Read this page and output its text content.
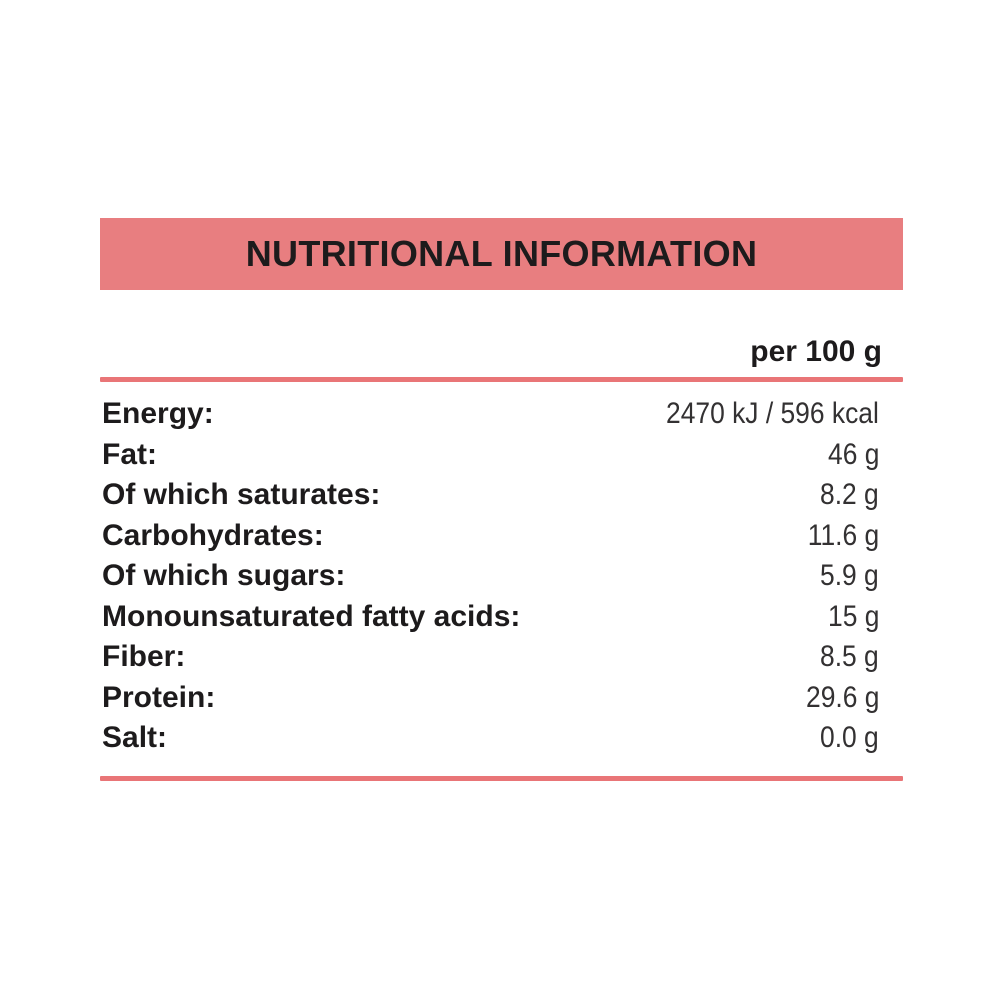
NUTRITIONAL INFORMATION
per 100 g
Energy:	2470 kJ / 596 kcal
Fat:	46 g
Of which saturates:	8.2 g
Carbohydrates:	11.6 g
Of which sugars:	5.9 g
Monounsaturated fatty acids:	15 g
Fiber:	8.5 g
Protein:	29.6 g
Salt:	0.0 g
